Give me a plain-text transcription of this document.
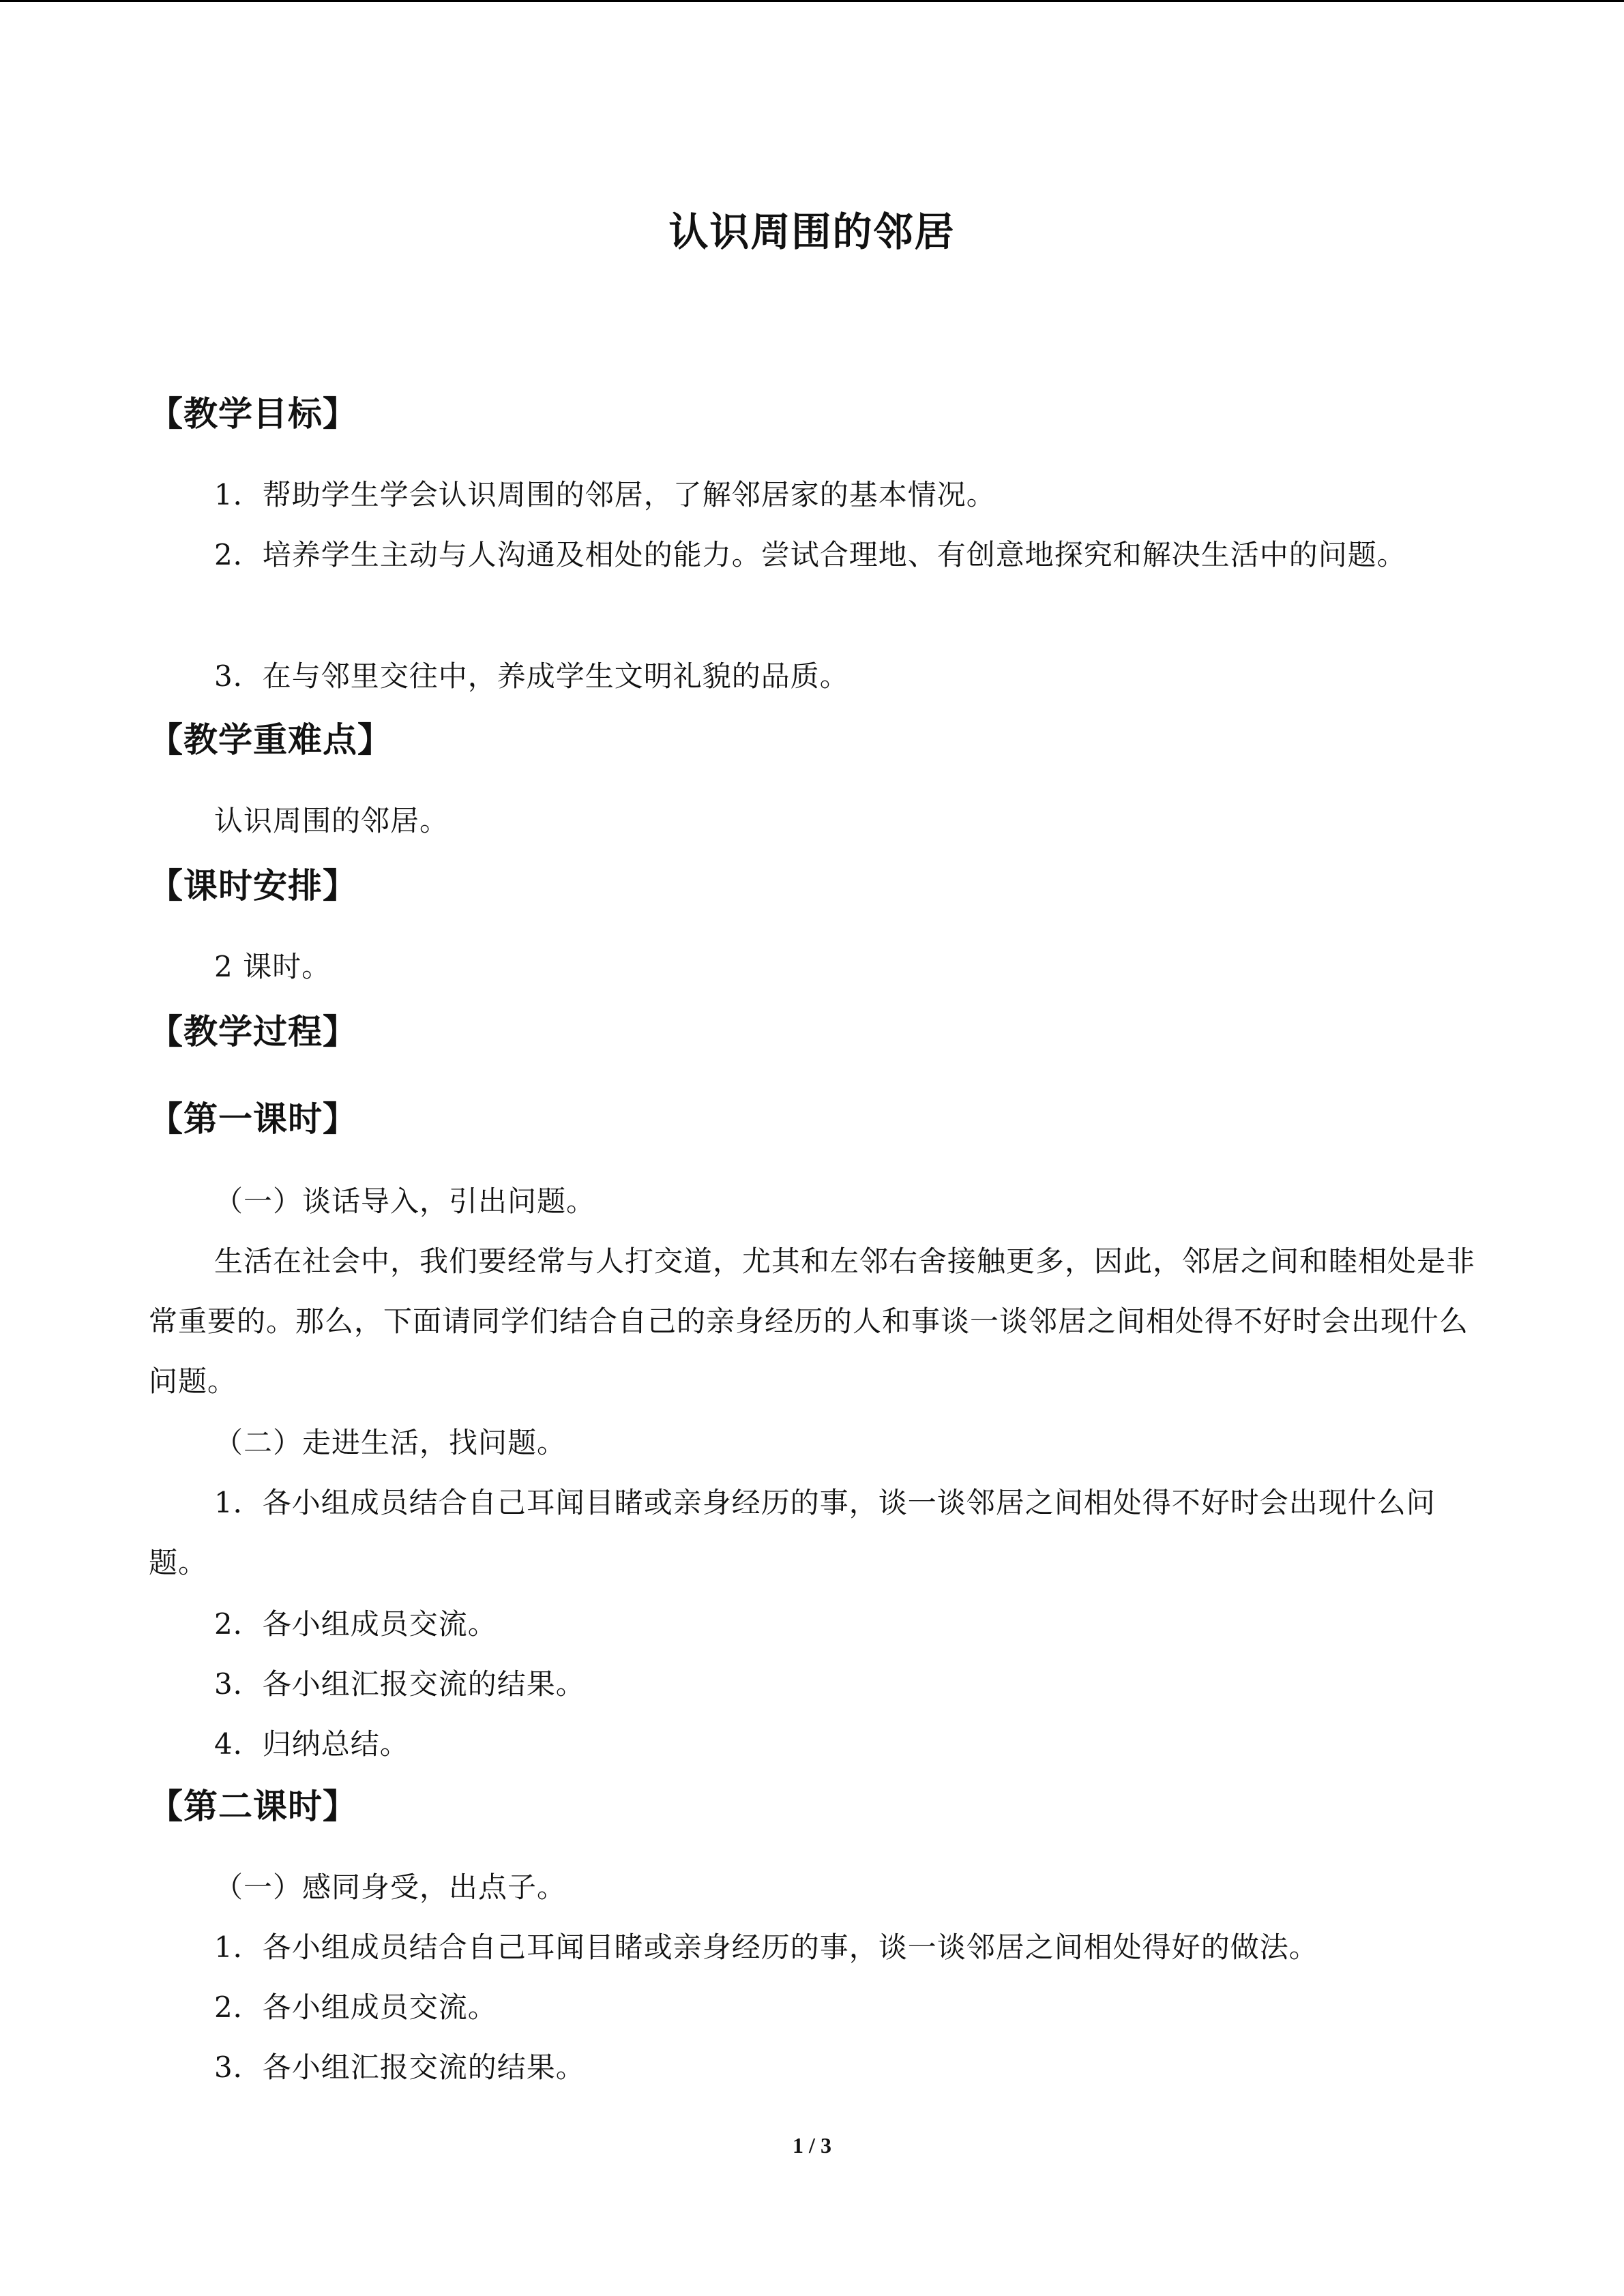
认识周围的邻居
【教学目标】
1．帮助学生学会认识周围的邻居，了解邻居家的基本情况。
2．培养学生主动与人沟通及相处的能力。尝试合理地、有创意地探究和解决生活中的问题。
3．在与邻里交往中，养成学生文明礼貌的品质。
【教学重难点】
认识周围的邻居。
【课时安排】
2 课时。
【教学过程】
【第一课时】
（一）谈话导入，引出问题。
生活在社会中，我们要经常与人打交道，尤其和左邻右舍接触更多，因此，邻居之间和睦相处是非常重要的。那么，下面请同学们结合自己的亲身经历的人和事谈一谈邻居之间相处得不好时会出现什么问题。
（二）走进生活，找问题。
1．各小组成员结合自己耳闻目睹或亲身经历的事，谈一谈邻居之间相处得不好时会出现什么问题。
2．各小组成员交流。
3．各小组汇报交流的结果。
4．归纳总结。
【第二课时】
（一）感同身受，出点子。
1．各小组成员结合自己耳闻目睹或亲身经历的事，谈一谈邻居之间相处得好的做法。
2．各小组成员交流。
3．各小组汇报交流的结果。
1 / 3
